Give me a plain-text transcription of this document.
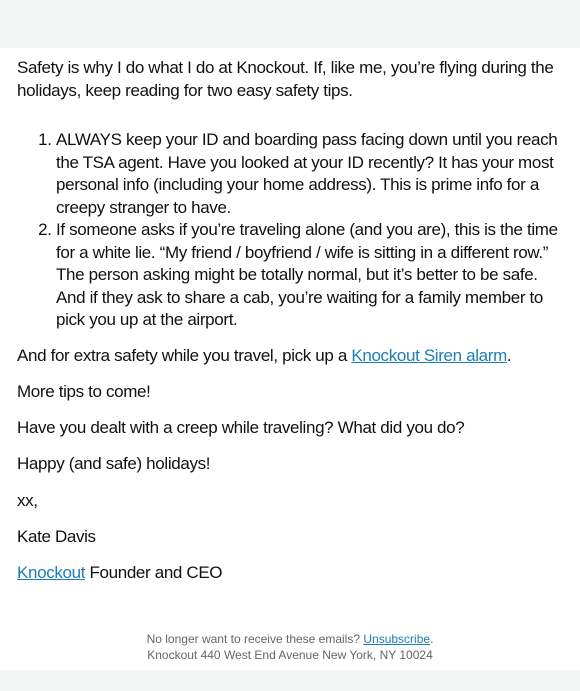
Safety is why I do what I do at Knockout. If, like me, you’re flying during the holidays, keep reading for two easy safety tips.

1. ALWAYS keep your ID and boarding pass facing down until you reach the TSA agent. Have you looked at your ID recently? It has your most personal info (including your home address). This is prime info for a creepy stranger to have.
2. If someone asks if you’re traveling alone (and you are), this is the time for a white lie. “My friend / boyfriend / wife is sitting in a different row.” The person asking might be totally normal, but it’s better to be safe. And if they ask to share a cab, you’re waiting for a family member to pick you up at the airport.

And for extra safety while you travel, pick up a Knockout Siren alarm.

More tips to come!

Have you dealt with a creep while traveling? What did you do?

Happy (and safe) holidays!

xx,

Kate Davis

Knockout Founder and CEO

No longer want to receive these emails? Unsubscribe.
Knockout 440 West End Avenue New York, NY 10024
